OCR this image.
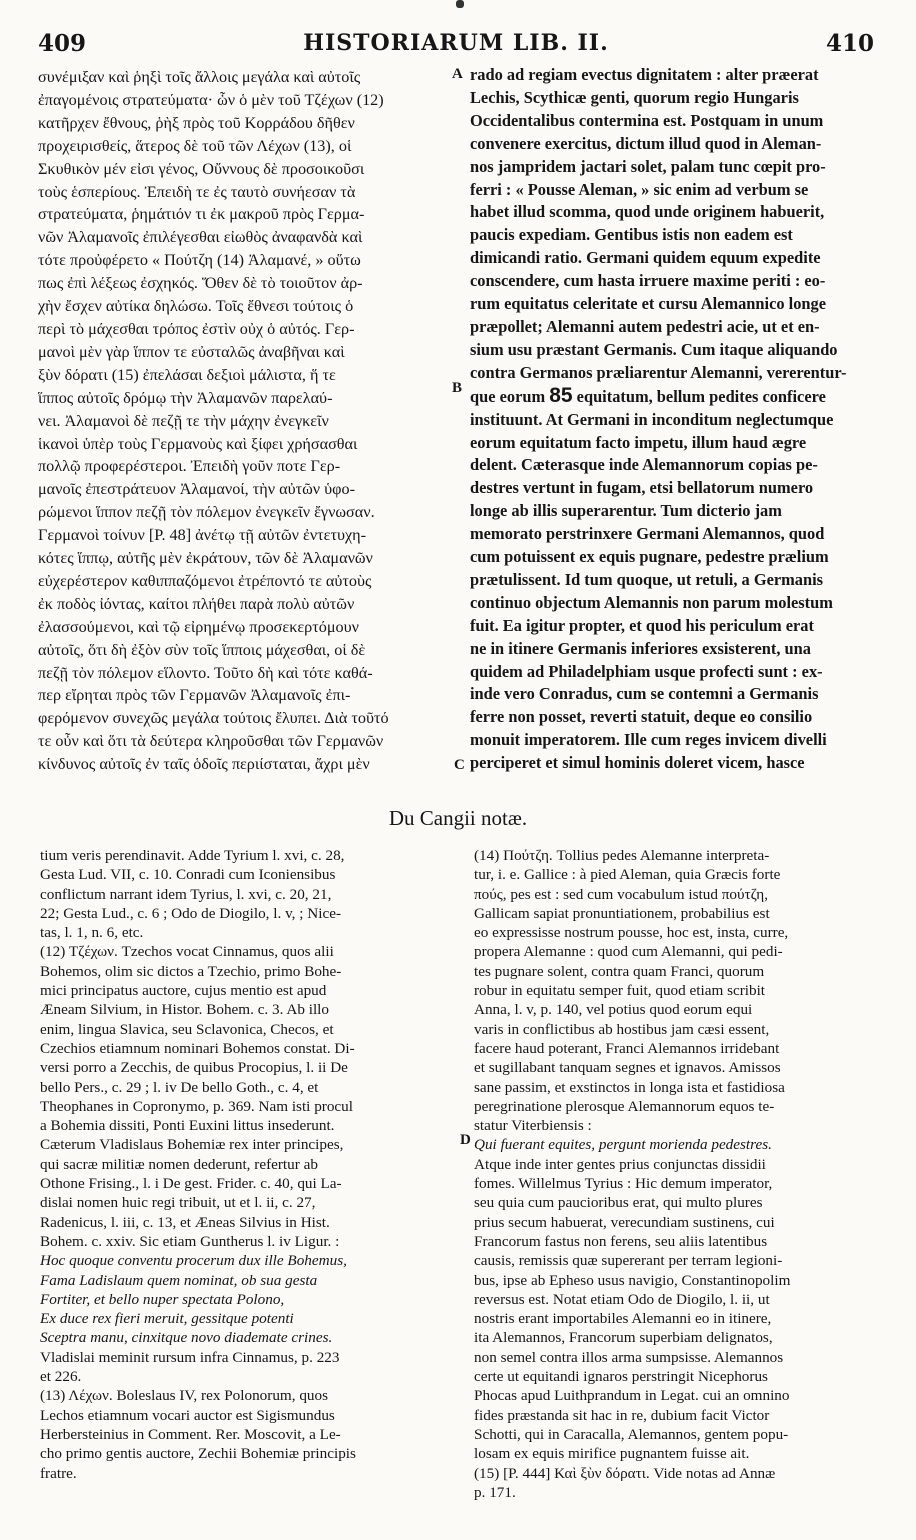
409	HISTORIARUM LIB. II.	410

συνέμιξαν καὶ ῥηξὶ τοῖς ἄλλοις μεγάλα καὶ αὐτοῖς

ἐπαγομένοις στρατεύματα· ὧν ὁ μὲν τοῦ Τζέχων (12)

κατῆρχεν ἔθνους, ῥὴξ πρὸς τοῦ Κορράδου δῆθεν

προχειρισθείς, ἅτερος δὲ τοῦ τῶν Λέχων (13), οἱ

Σκυθικὸν μέν εἰσι γένος, Οὔννους δὲ προσοικοῦσι

τοὺς ἑσπερίους. Ἐπειδὴ τε ἐς ταυτὸ συνήεσαν τὰ

στρατεύματα, ῥημάτιόν τι ἐκ μακροῦ πρὸς Γερμα-

νῶν Ἀλαμανοῖς ἐπιλέγεσθαι εἰωθὸς ἀναφανδὰ καὶ

τότε προὐφέρετο « Πούτζη (14) Ἀλαμανέ, » οὕτω

πως ἐπὶ λέξεως ἐσχηκός. Ὅθεν δὲ τὸ τοιοῦτον ἀρ-

χὴν ἔσχεν αὐτίκα δηλώσω. Τοῖς ἔθνεσι τούτοις ὁ

περὶ τὸ μάχεσθαι τρόπος ἐστὶν οὐχ ὁ αὐτός. Γερ-

μανοὶ μὲν γὰρ ἵππον τε εὐσταλῶς ἀναβῆναι καὶ

ξὺν δόρατι (15) ἐπελάσαι δεξιοὶ μάλιστα, ἥ τε

ἵππος αὐτοῖς δρόμῳ τὴν Ἀλαμανῶν παρελαύ-

νει. Ἀλαμανοὶ δὲ πεζῇ τε τὴν μάχην ἐνεγκεῖν

ἱκανοὶ ὑπὲρ τοὺς Γερμανοὺς καὶ ξίφει χρήσασθαι

πολλῷ προφερέστεροι. Ἐπειδὴ γοῦν ποτε Γερ-

μανοῖς ἐπεστράτευον Ἀλαμανοί, τὴν αὐτῶν ὑφο-

ρώμενοι ἵππον πεζῇ τὸν πόλεμον ἐνεγκεῖν ἔγνωσαν.

Γερμανοὶ τοίνυν [P. 48] ἀνέτῳ τῇ αὐτῶν ἐντετυχη-

κότες ἵππῳ, αὐτῆς μὲν ἐκράτουν, τῶν δὲ Ἀλαμανῶν

εὐχερέστερον καθιππαζόμενοι ἐτρέποντό τε αὐτοὺς

ἐκ ποδὸς ἰόντας, καίτοι πλήθει παρὰ πολὺ αὐτῶν

ἐλασσούμενοι, καὶ τῷ εἰρημένῳ προσεκερτόμουν

αὐτοῖς, ὅτι δὴ ἐξὸν σὺν τοῖς ἵπποις μάχεσθαι, οἱ δὲ

πεζῇ τὸν πόλεμον εἵλοντο. Τοῦτο δὴ καὶ τότε καθά-

περ εἴρηται πρὸς τῶν Γερμανῶν Ἀλαμανοῖς ἐπι-

φερόμενον συνεχῶς μεγάλα τούτοις ἔλυπει. Διὰ τοῦτό

τε οὖν καὶ ὅτι τὰ δεύτερα κληροῦσθαι τῶν Γερμανῶν

κίνδυνος αὐτοῖς ἐν ταῖς ὁδοῖς περιίσταται, ἄχρι μὲν

rado ad regiam evectus dignitatem : alter præerat

Lechis, Scythicæ genti, quorum regio Hungaris

Occidentalibus contermina est. Postquam in unum

convenere exercitus, dictum illud quod in Aleman-

nos jampridem jactari solet, palam tunc cœpit pro-

ferri : « Pousse Aleman, » sic enim ad verbum se

habet illud scomma, quod unde originem habuerit,

paucis expediam. Gentibus istis non eadem est

dimicandi ratio. Germani quidem equum expedite

conscendere, cum hasta irruere maxime periti : eo-

rum equitatus celeritate et cursu Alemannico longe

præpollet; Alemanni autem pedestri acie, ut et en-

sium usu præstant Germanis. Cum itaque aliquando

contra Germanos præliarentur Alemanni, vererentur-

que eorum 85 equitatum, bellum pedites conficere

instituunt. At Germani in inconditum neglectumque

eorum equitatum facto impetu, illum haud ægre

delent. Cæterasque inde Alemannorum copias pe-

destres vertunt in fugam, etsi bellatorum numero

longe ab illis superarentur. Tum dicterio jam

memorato perstrinxere Germani Alemannos, quod

cum potuissent ex equis pugnare, pedestre prælium

prætulissent. Id tum quoque, ut retuli, a Germanis

continuo objectum Alemannis non parum molestum

fuit. Ea igitur propter, et quod his periculum erat

ne in itinere Germanis inferiores exsisterent, una

quidem ad Philadelphiam usque profecti sunt : ex-

inde vero Conradus, cum se contemni a Germanis

ferre non posset, reverti statuit, deque eo consilio

monuit imperatorem. Ille cum reges invicem divelli

perciperet et simul hominis doleret vicem, hasce

A
B
C
D
Du Cangii notæ.

tium veris perendinavit. Adde Tyrium l. xvi, c. 28,

Gesta Lud. VII, c. 10. Conradi cum Iconiensibus

conflictum narrant idem Tyrius, l. xvi, c. 20, 21,

22; Gesta Lud., c. 6 ; Odo de Diogilo, l. v, ; Nice-

tas, l. 1, n. 6, etc.

(12) Τζέχων. Tzechos vocat Cinnamus, quos alii

Bohemos, olim sic dictos a Tzechio, primo Bohe-

mici principatus auctore, cujus mentio est apud

Æneam Silvium, in Histor. Bohem. c. 3. Ab illo

enim, lingua Slavica, seu Sclavonica, Checos, et

Czechios etiamnum nominari Bohemos constat. Di-

versi porro a Zecchis, de quibus Procopius, l. ii De

bello Pers., c. 29 ; l. iv De bello Goth., c. 4, et

Theophanes in Copronymo, p. 369. Nam isti procul

a Bohemia dissiti, Ponti Euxini littus insederunt.

Cæterum Vladislaus Bohemiæ rex inter principes,

qui sacræ militiæ nomen dederunt, refertur ab

Othone Frising., l. i De gest. Frider. c. 40, qui La-

dislai nomen huic regi tribuit, ut et l. ii, c. 27,

Radenicus, l. iii, c. 13, et Æneas Silvius in Hist.

Bohem. c. xxiv. Sic etiam Guntherus l. iv Ligur. :

Hoc quoque conventu procerum dux ille Bohemus,

Fama Ladislaum quem nominat, ob sua gesta

Fortiter, et bello nuper spectata Polono,

Ex duce rex fieri meruit, gessitque potenti

Sceptra manu, cinxitque novo diademate crines.

Vladislai meminit rursum infra Cinnamus, p. 223

et 226.

(13) Λέχων. Boleslaus IV, rex Polonorum, quos

Lechos etiamnum vocari auctor est Sigismundus

Herbersteinius in Comment. Rer. Moscovit, a Le-

cho primo gentis auctore, Zechii Bohemiæ principis

fratre.

(14) Πούτζη. Tollius pedes Alemanne interpreta-

tur, i. e. Gallice : à pied Aleman, quia Græcis forte

πούς, pes est : sed cum vocabulum istud πούτζη,

Gallicam sapiat pronuntiationem, probabilius est

eo expressisse nostrum pousse, hoc est, insta, curre,

propera Alemanne : quod cum Alemanni, qui pedi-

tes pugnare solent, contra quam Franci, quorum

robur in equitatu semper fuit, quod etiam scribit

Anna, l. v, p. 140, vel potius quod eorum equi

varis in conflictibus ab hostibus jam cæsi essent,

facere haud poterant, Franci Alemannos irridebant

et sugillabant tanquam segnes et ignavos. Amissos

sane passim, et exstinctos in longa ista et fastidiosa

peregrinatione plerosque Alemannorum equos te-

statur Viterbiensis :

Qui fuerant equites, pergunt morienda pedestres.

Atque inde inter gentes prius conjunctas dissidii

fomes. Willelmus Tyrius : Hic demum imperator,

seu quia cum paucioribus erat, qui multo plures

prius secum habuerat, verecundiam sustinens, cui

Francorum fastus non ferens, seu aliis latentibus

causis, remissis quæ supererant per terram legioni-

bus, ipse ab Epheso usus navigio, Constantinopolim

reversus est. Notat etiam Odo de Diogilo, l. ii, ut

nostris erant importabiles Alemanni eo in itinere,

ita Alemannos, Francorum superbiam delignatos,

non semel contra illos arma sumpsisse. Alemannos

certe ut equitandi ignaros perstringit Nicephorus

Phocas apud Luithprandum in Legat. cui an omnino

fides præstanda sit hac in re, dubium facit Victor

Schotti, qui in Caracalla, Alemannos, gentem popu-

losam ex equis mirifice pugnantem fuisse ait.

(15) [P. 444] Καὶ ξὺν δόρατι. Vide notas ad Annæ

p. 171.
